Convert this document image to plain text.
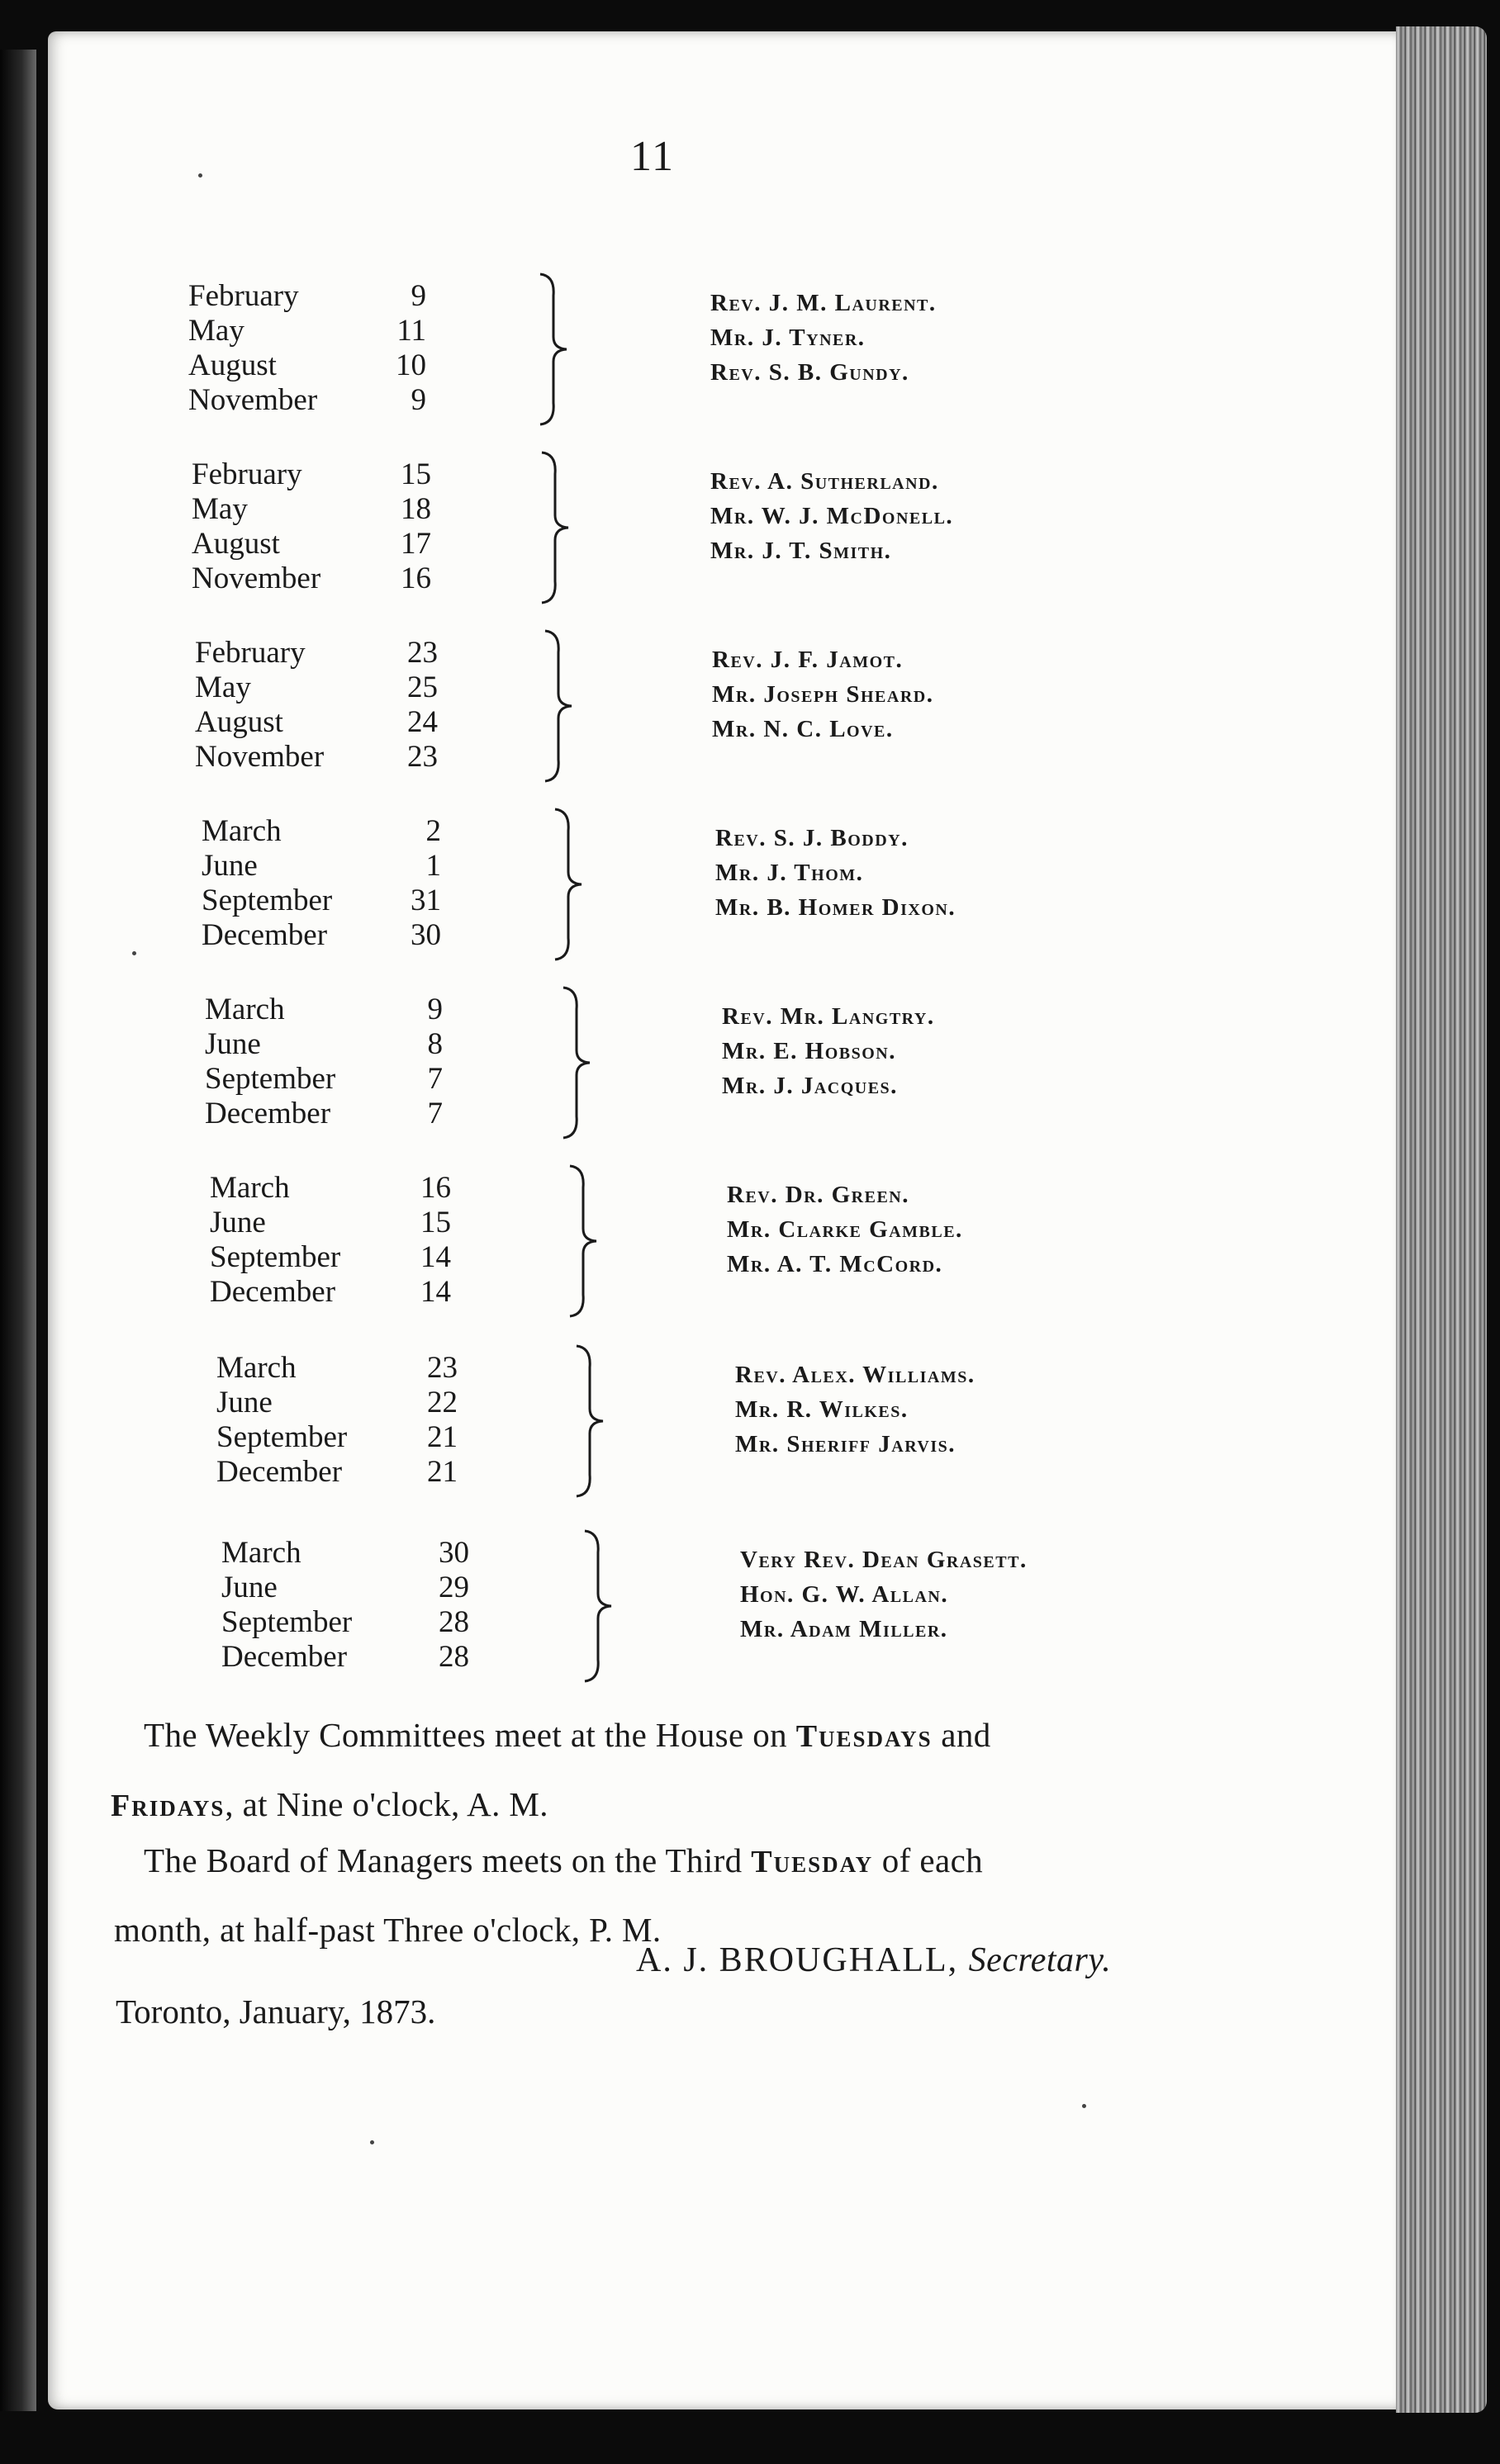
11
February	9
May	11
August	10
November	9
Rev. J. M. Laurent.
Mr. J. Tyner.
Rev. S. B. Gundy.
February	15
May	18
August	17
November	16
Rev. A. Sutherland.
Mr. W. J. McDonell.
Mr. J. T. Smith.
February	23
May	25
August	24
November	23
Rev. J. F. Jamot.
Mr. Joseph Sheard.
Mr. N. C. Love.
March	2
June	1
September	31
December	30
Rev. S. J. Boddy.
Mr. J. Thom.
Mr. B. Homer Dixon.
March	9
June	8
September	7
December	7
Rev. Mr. Langtry.
Mr. E. Hobson.
Mr. J. Jacques.
March	16
June	15
September	14
December	14
Rev. Dr. Green.
Mr. Clarke Gamble.
Mr. A. T. McCord.
March	23
June	22
September	21
December	21
Rev. Alex. Williams.
Mr. R. Wilkes.
Mr. Sheriff Jarvis.
March	30
June	29
September	28
December	28
Very Rev. Dean Grasett.
Hon. G. W. Allan.
Mr. Adam Miller.
The Weekly Committees meet at the House on Tuesdays and
Fridays, at Nine o'clock, A. M.
The Board of Managers meets on the Third Tuesday of each
month, at half-past Three o'clock, P. M.
A. J. BROUGHALL, Secretary.
Toronto, January, 1873.
